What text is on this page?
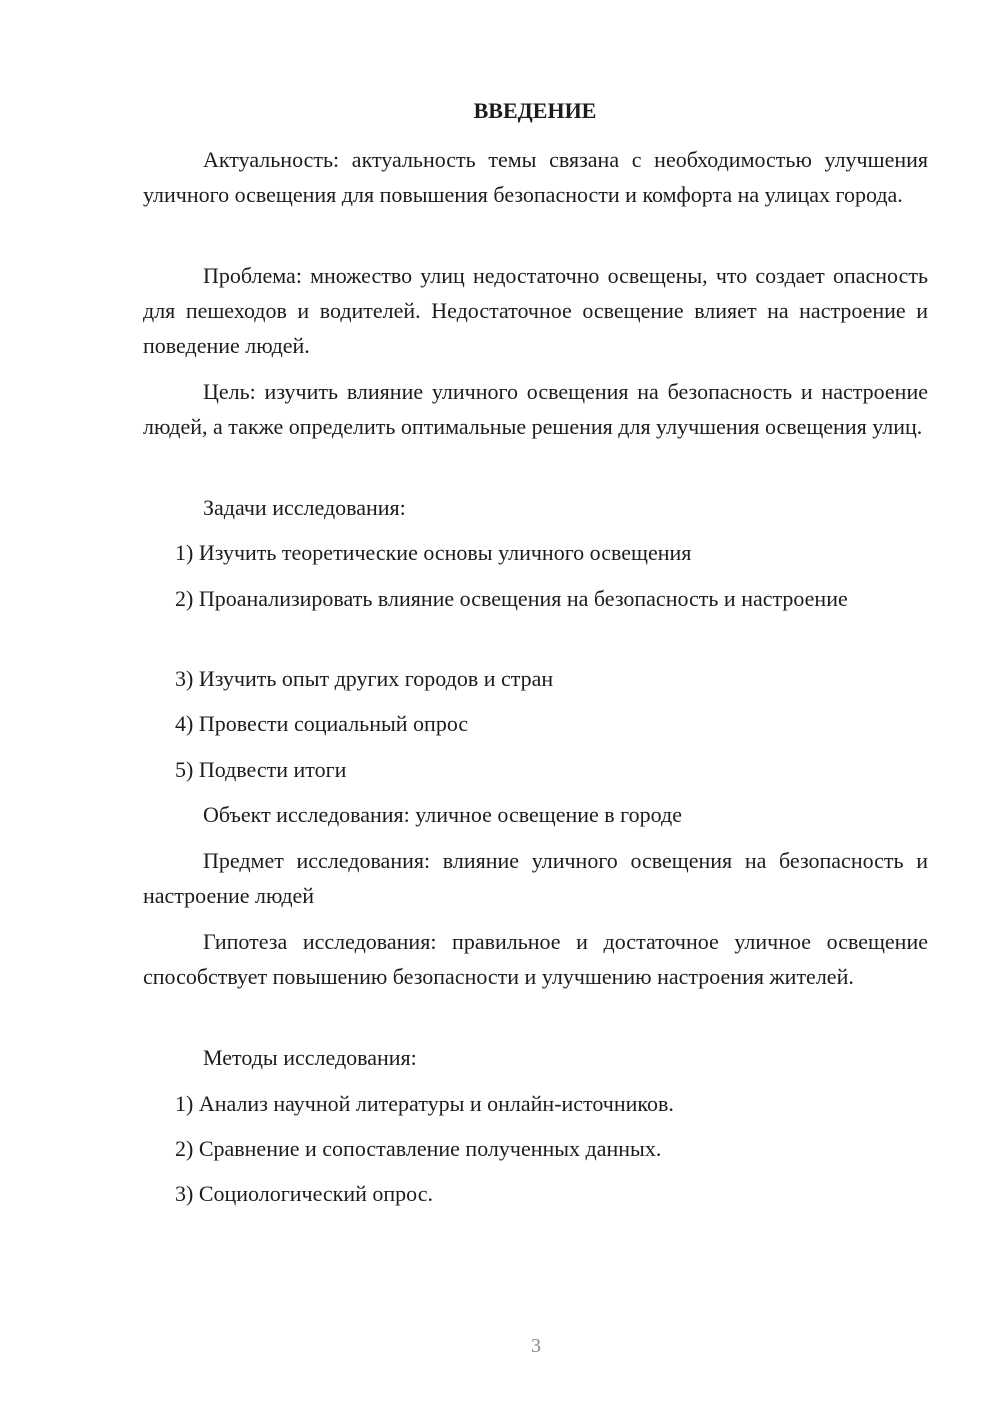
ВВЕДЕНИЕ

Актуальность: актуальность темы связана с необходимостью улучшения уличного освещения для повышения безопасности и комфорта на улицах города.

Проблема: множество улиц недостаточно освещены, что создает опасность для пешеходов и водителей. Недостаточное освещение влияет на настроение и поведение людей.

Цель: изучить влияние уличного освещения на безопасность и настроение людей, а также определить оптимальные решения для улучшения освещения улиц.

Задачи исследования:

1) Изучить теоретические основы уличного освещения

2) Проанализировать влияние освещения на безопасность и настроение

3) Изучить опыт других городов и стран

4) Провести социальный опрос

5) Подвести итоги

Объект исследования: уличное освещение в городе

Предмет исследования: влияние уличного освещения на безопасность и настроение людей

Гипотеза исследования: правильное и достаточное уличное освещение способствует повышению безопасности и улучшению настроения жителей.

Методы исследования:

1) Анализ научной литературы и онлайн-источников.

2) Сравнение и сопоставление полученных данных.

3) Социологический опрос.

3
